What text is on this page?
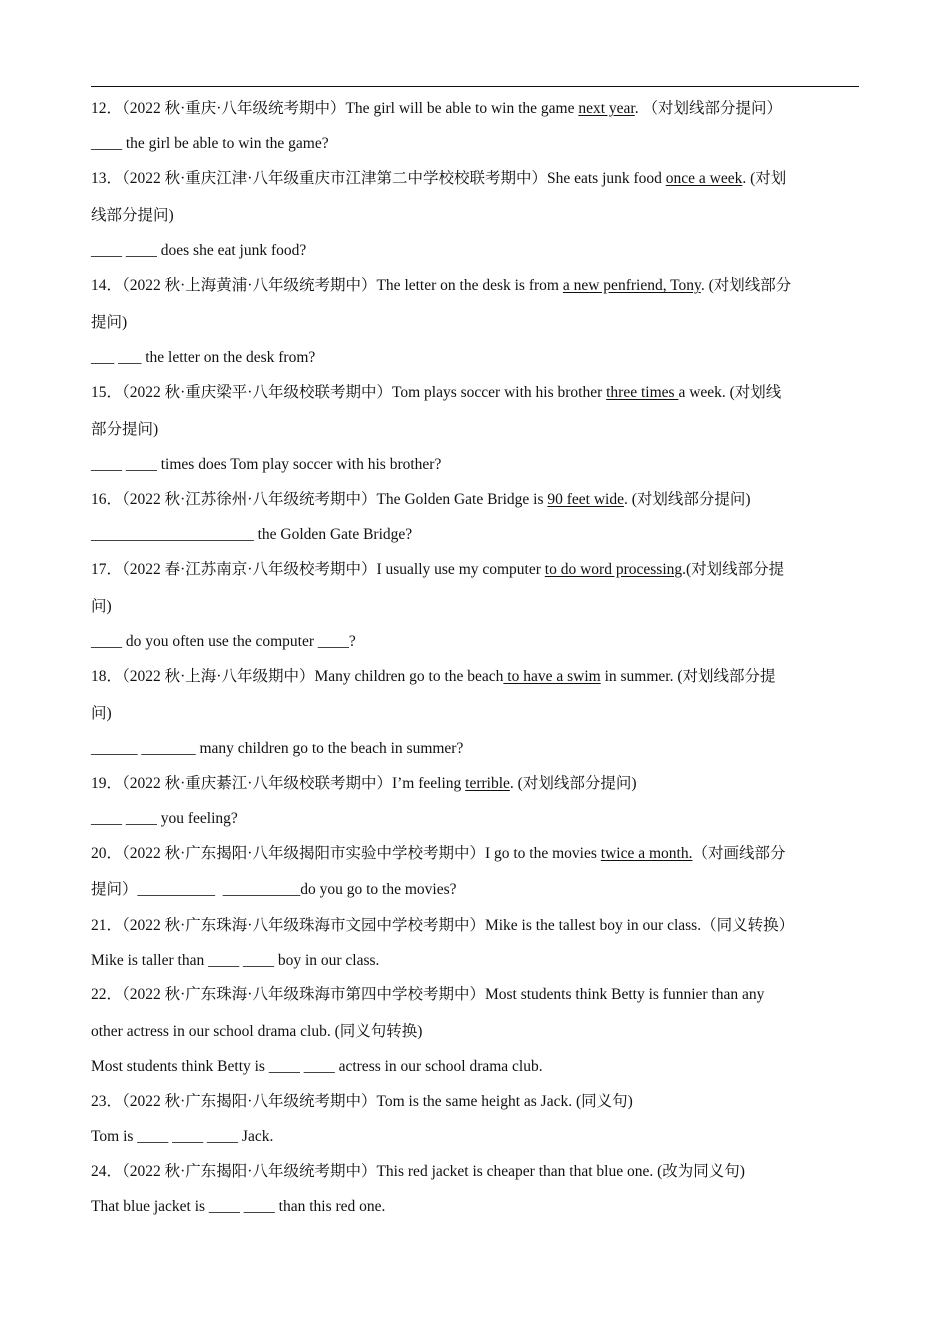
12．（2022 秋·重庆·八年级统考期中）The girl will be able to win the game next year. （对划线部分提问）
____ the girl be able to win the game?
13．（2022 秋·重庆江津·八年级重庆市江津第二中学校校联考期中）She eats junk food once a week. (对划
线部分提问)
____ ____ does she eat junk food?
14．（2022 秋·上海黄浦·八年级统考期中）The letter on the desk is from a new penfriend, Tony. (对划线部分
提问)
___ ___ the letter on the desk from?
15．（2022 秋·重庆梁平·八年级校联考期中）Tom plays soccer with his brother three times a week. (对划线
部分提问)
____ ____ times does Tom play soccer with his brother?
16．（2022 秋·江苏徐州·八年级统考期中）The Golden Gate Bridge is 90 feet wide. (对划线部分提问)
_____________________ the Golden Gate Bridge?
17．（2022 春·江苏南京·八年级校考期中）I usually use my computer to do word processing.(对划线部分提
问)
____ do you often use the computer ____?
18．（2022 秋·上海·八年级期中）Many children go to the beach to have a swim in summer. (对划线部分提
问)
______ _______ many children go to the beach in summer?
19．（2022 秋·重庆綦江·八年级校联考期中）I’m feeling terrible. (对划线部分提问)
____ ____ you feeling?
20．（2022 秋·广东揭阳·八年级揭阳市实验中学校考期中）I go to the movies twice a month.（对画线部分
提问）__________  __________do you go to the movies?
21．（2022 秋·广东珠海·八年级珠海市文园中学校考期中）Mike is the tallest boy in our class.（同义转换）
Mike is taller than ____ ____ boy in our class.
22．（2022 秋·广东珠海·八年级珠海市第四中学校考期中）Most students think Betty is funnier than any
other actress in our school drama club. (同义句转换)
Most students think Betty is ____ ____ actress in our school drama club.
23．（2022 秋·广东揭阳·八年级统考期中）Tom is the same height as Jack. (同义句)
Tom is ____ ____ ____ Jack.
24．（2022 秋·广东揭阳·八年级统考期中）This red jacket is cheaper than that blue one. (改为同义句)
That blue jacket is ____ ____ than this red one.
